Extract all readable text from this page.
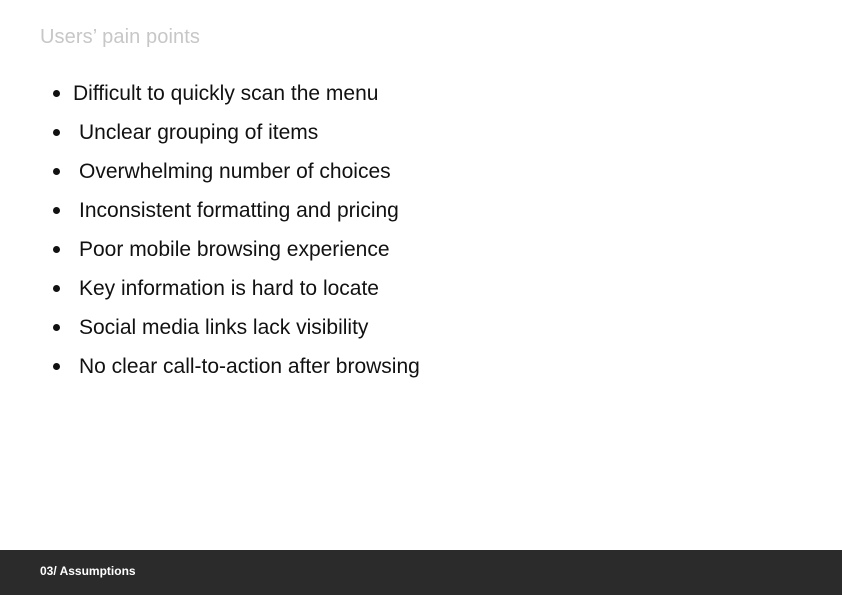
Users’ pain points
Difficult to quickly scan the menu
Unclear grouping of items
Overwhelming number of choices
Inconsistent formatting and pricing
Poor mobile browsing experience
Key information is hard to locate
Social media links lack visibility
No clear call-to-action after browsing
03/ Assumptions
